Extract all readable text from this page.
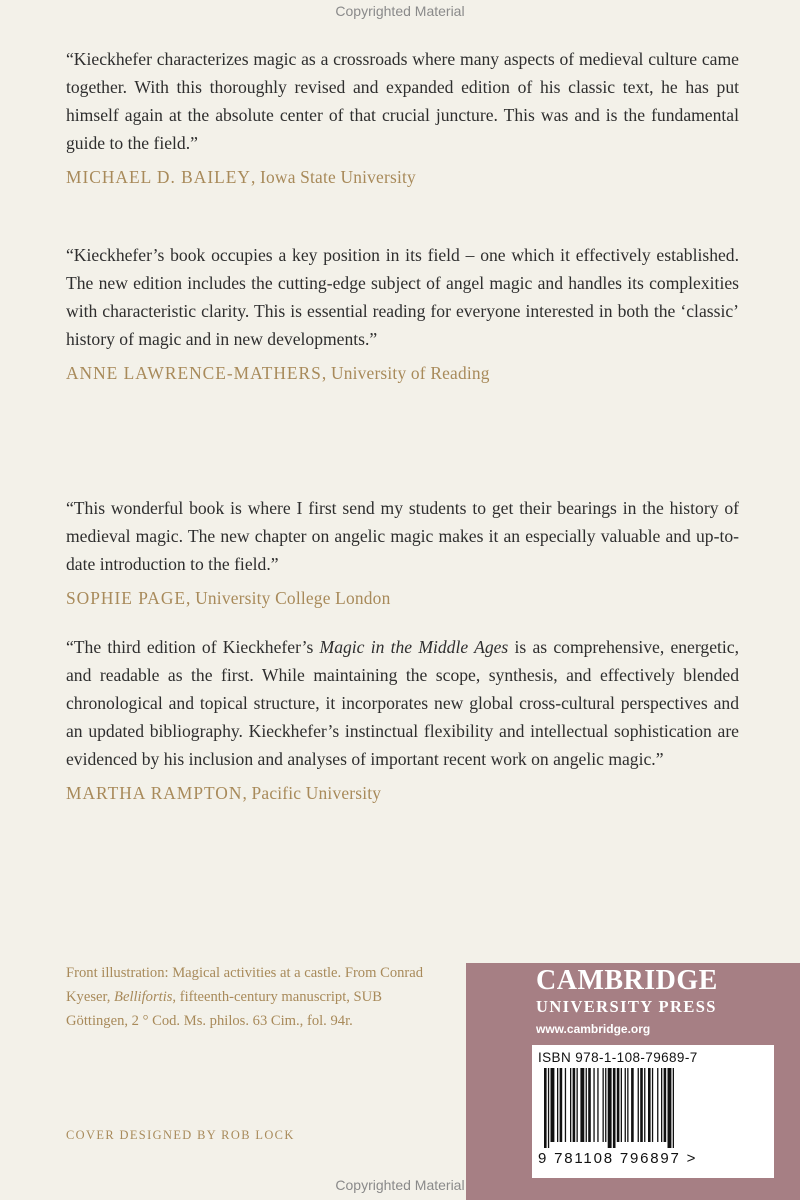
Copyrighted Material

“Kieckhefer characterizes magic as a crossroads where many aspects of medieval culture came together. With this thoroughly revised and expanded edition of his classic text, he has put himself again at the absolute center of that crucial juncture. This was and is the fundamental guide to the field.”

MICHAEL D. BAILEY, Iowa State University

“Kieckhefer’s book occupies a key position in its field – one which it effectively established. The new edition includes the cutting-edge subject of angel magic and handles its complexities with characteristic clarity. This is essential reading for everyone interested in both the ‘classic’ history of magic and in new developments.”

ANNE LAWRENCE-MATHERS, University of Reading

“This wonderful book is where I first send my students to get their bearings in the history of medieval magic. The new chapter on angelic magic makes it an especially valuable and up-to-date introduction to the field.”

SOPHIE PAGE, University College London

“The third edition of Kieckhefer’s Magic in the Middle Ages is as comprehensive, energetic, and readable as the first. While maintaining the scope, synthesis, and effectively blended chronological and topical structure, it incorporates new global cross-cultural perspectives and an updated bibliography. Kieckhefer’s instinctual flexibility and intellectual sophistication are evidenced by his inclusion and analyses of important recent work on angelic magic.”

MARTHA RAMPTON, Pacific University
Front illustration: Magical activities at a castle. From Conrad Kyeser, Bellifortis, fifteenth-century manuscript, SUB Göttingen, 2 ° Cod. Ms. philos. 63 Cim., fol. 94r.
COVER DESIGNED BY ROB LOCK
CAMBRIDGE
UNIVERSITY PRESS
www.cambridge.org
ISBN 978-1-108-79689-7
9 781108 796897 >
Copyrighted Material
